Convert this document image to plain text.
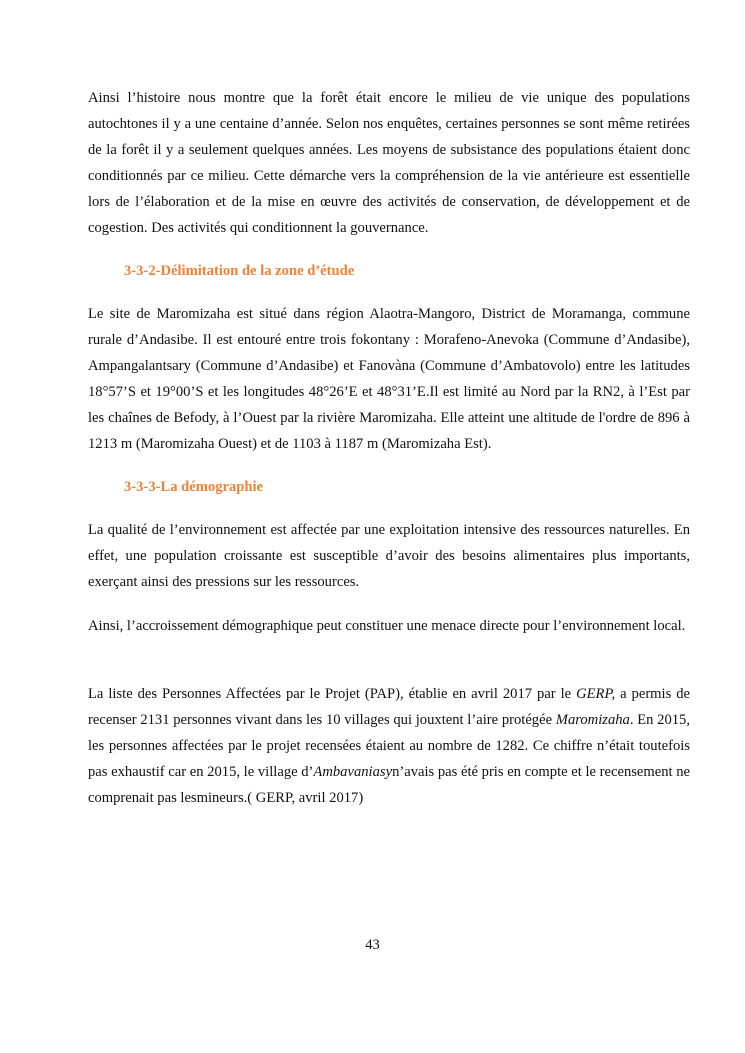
Ainsi l’histoire nous montre que la forêt était encore le milieu de vie unique des populations autochtones il y a une centaine d’année. Selon nos enquêtes, certaines personnes se sont même retirées de la forêt il y a seulement quelques années. Les moyens de subsistance des populations étaient donc conditionnés par ce milieu. Cette démarche vers la compréhension de la vie antérieure est essentielle lors de l’élaboration et de la mise en œuvre des activités de conservation, de développement et de cogestion. Des activités qui conditionnent la gouvernance.

3-3-2-Délimitation de la zone d’étude

Le site de Maromizaha est situé dans région Alaotra-Mangoro, District de Moramanga, commune rurale d’Andasibe. Il est entouré entre trois fokontany : Morafeno-Anevoka (Commune d’Andasibe), Ampangalantsary (Commune d’Andasibe) et Fanovàna (Commune d’Ambatovolo) entre les latitudes 18°57’S et 19°00’S et les longitudes 48°26’E et 48°31’E.Il est limité au Nord par la RN2, à l’Est par les chaînes de Befody, à l’Ouest par la rivière Maromizaha. Elle atteint une altitude de l'ordre de 896 à 1213 m (Maromizaha Ouest) et de 1103 à 1187 m (Maromizaha Est).

3-3-3-La démographie

La qualité de l’environnement est affectée par une exploitation intensive des ressources naturelles. En effet, une population croissante est susceptible d’avoir des besoins alimentaires plus importants, exerçant ainsi des pressions sur les ressources.

Ainsi, l’accroissement démographique peut constituer une menace directe pour l’environnement local.

La liste des Personnes Affectées par le Projet (PAP), établie en avril 2017 par le GERP, a permis de recenser 2131 personnes vivant dans les 10 villages qui jouxtent l’aire protégée Maromizaha. En 2015, les personnes affectées par le projet recensées étaient au nombre de 1282. Ce chiffre n’était toutefois pas exhaustif car en 2015, le village d’Ambavaniasyn’avais pas été pris en compte et le recensement ne comprenait pas lesmineurs.( GERP, avril 2017)

43
